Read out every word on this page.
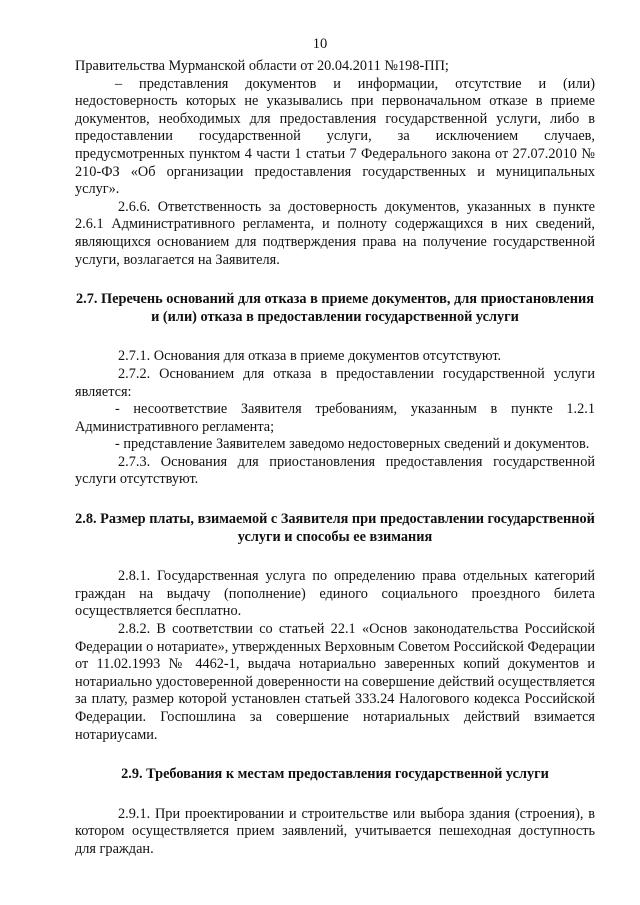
10

Правительства Мурманской области от 20.04.2011 №198-ПП;

– представления документов и информации, отсутствие и (или) недостоверность которых не указывались при первоначальном отказе в приеме документов, необходимых для предоставления государственной услуги, либо в предоставлении государственной услуги, за исключением случаев, предусмотренных пунктом 4 части 1 статьи 7 Федерального закона от 27.07.2010 № 210-ФЗ «Об организации предоставления государственных и муниципальных услуг».

2.6.6. Ответственность за достоверность документов, указанных в пункте 2.6.1 Административного регламента, и полноту содержащихся в них сведений, являющихся основанием для подтверждения права на получение государственной услуги, возлагается на Заявителя.

2.7. Перечень оснований для отказа в приеме документов, для приостановления и (или) отказа в предоставлении государственной услуги

2.7.1. Основания для отказа в приеме документов отсутствуют.

2.7.2. Основанием для отказа в предоставлении государственной услуги является:

- несоответствие Заявителя требованиям, указанным в пункте 1.2.1 Административного регламента;

- представление Заявителем заведомо недостоверных сведений и документов.

2.7.3. Основания для приостановления предоставления государственной услуги отсутствуют.

2.8. Размер платы, взимаемой с Заявителя при предоставлении государственной услуги и способы ее взимания

2.8.1. Государственная услуга по определению права отдельных категорий граждан на выдачу (пополнение) единого социального проездного билета осуществляется бесплатно.

2.8.2. В соответствии со статьей 22.1 «Основ законодательства Российской Федерации о нотариате», утвержденных Верховным Советом Российской Федерации от 11.02.1993 № 4462-1, выдача нотариально заверенных копий документов и нотариально удостоверенной доверенности на совершение действий осуществляется за плату, размер которой установлен статьей 333.24 Налогового кодекса Российской Федерации. Госпошлина за совершение нотариальных действий взимается нотариусами.

2.9. Требования к местам предоставления государственной услуги

2.9.1. При проектировании и строительстве или выбора здания (строения), в котором осуществляется прием заявлений, учитывается пешеходная доступность для граждан.
